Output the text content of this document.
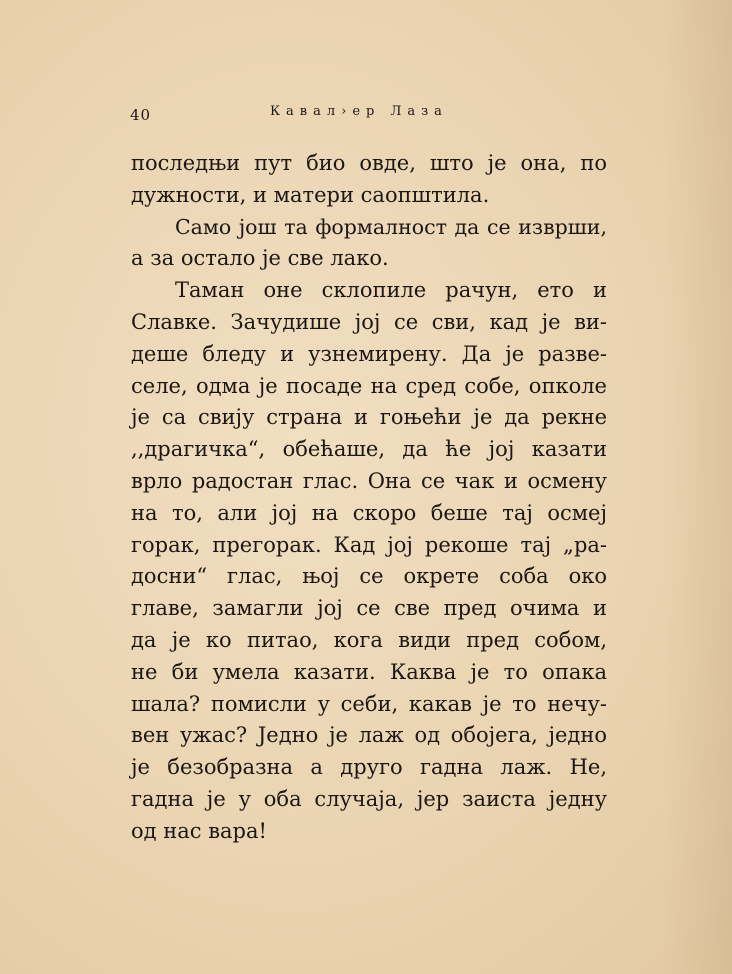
40	Кавал›ер Лаза
последњи пут био овде, што је она, по
дужности, и матери саопштила.
Само још та формалност да се изврши,
а за остало је све лако.
Таман оне склопиле рачун, ето и
Славке. Зачудише јој се сви, кад је ви-
деше бледу и узнемирену. Да је разве-
селе, одма је посаде на сред собе, опколе
је са свију страна и гоњећи је да рекне
,,драгичка“, обећаше, да ће јој казати
врло радостан глас. Она се чак и осмену
на то, али јој на скоро беше тај осмеј
горак, прегорак. Кад јој рекоше тај „ра-
досни“ глас, њој се окрете соба око
главе, замагли јој се све пред очима и
да је ко питао, кога види пред собом,
не би умела казати. Каква је то опака
шала? помисли у себи, какав је то нечу-
вен ужас? Једно је лаж од обојега, једно
је безобразна а друго гадна лаж. Не,
гадна је у оба случаја, јер заиста једну
од нас вара!
